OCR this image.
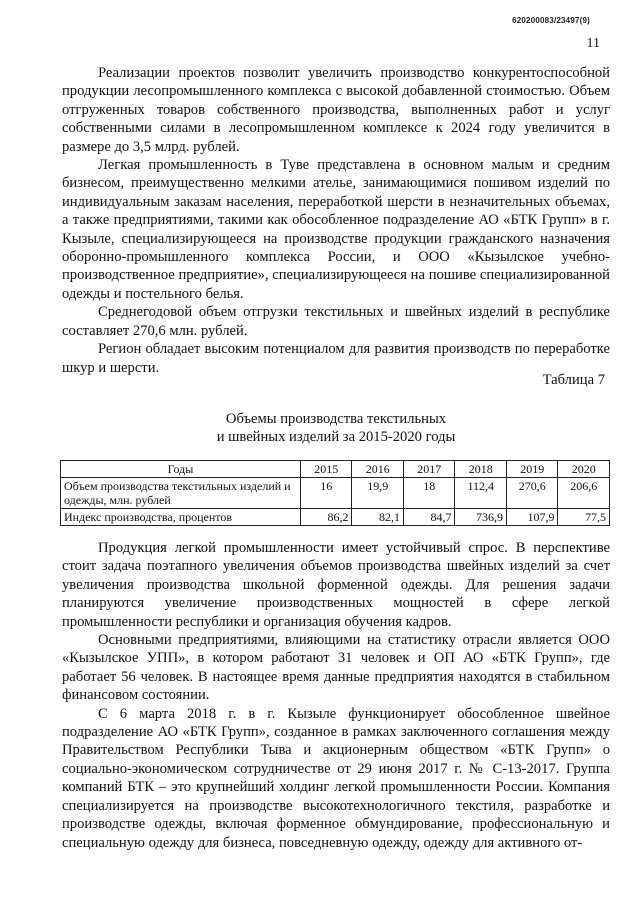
620200083/23497(9)
11

Реализации проектов позволит увеличить производство конкурентоспособной продукции лесопромышленного комплекса с высокой добавленной стоимостью. Объем отгруженных товаров собственного производства, выполненных работ и услуг собственными силами в лесопромышленном комплексе к 2024 году увеличится в размере до 3,5 млрд. рублей.

Легкая промышленность в Туве представлена в основном малым и средним бизнесом, преимущественно мелкими ателье, занимающимися пошивом изделий по индивидуальным заказам населения, переработкой шерсти в незначительных объемах, а также предприятиями, такими как обособленное подразделение АО «БТК Групп» в г. Кызыле, специализирующееся на производстве продукции гражданского назначения оборонно-промышленного комплекса России, и ООО «Кызылское учебно-производственное предприятие», специализирующееся на пошиве специализированной одежды и постельного белья.

Среднегодовой объем отгрузки текстильных и швейных изделий в республике составляет 270,6 млн. рублей.

Регион обладает высоким потенциалом для развития производств по переработке шкур и шерсти.

Таблица 7
Объемы производства текстильных
и швейных изделий за 2015-2020 годы
Годы	2015	2016	2017	2018	2019	2020
Объем производства текстильных изделий и одежды, млн. рублей	16	19,9	18	112,4	270,6	206,6
Индекс производства, процентов	86,2	82,1	84,7	736,9	107,9	77,5

Продукция легкой промышленности имеет устойчивый спрос. В перспективе стоит задача поэтапного увеличения объемов производства швейных изделий за счет увеличения производства школьной форменной одежды. Для решения задачи планируются увеличение производственных мощностей в сфере легкой промышленности республики и организация обучения кадров.

Основными предприятиями, влияющими на статистику отрасли является ООО «Кызылское УПП», в котором работают 31 человек и ОП АО «БТК Групп», где работает 56 человек. В настоящее время данные предприятия находятся в стабильном финансовом состоянии.

С 6 марта 2018 г. в г. Кызыле функционирует обособленное швейное подразделение АО «БТК Групп», созданное в рамках заключенного соглашения между Правительством Республики Тыва и акционерным обществом «БТК Групп» о социально-экономическом сотрудничестве от 29 июня 2017 г. № С-13-2017. Группа компаний БТК – это крупнейший холдинг легкой промышленности России. Компания специализируется на производстве высокотехнологичного текстиля, разработке и производстве одежды, включая форменное обмундирование, профессиональную и специальную одежду для бизнеса, повседневную одежду, одежду для активного от-
